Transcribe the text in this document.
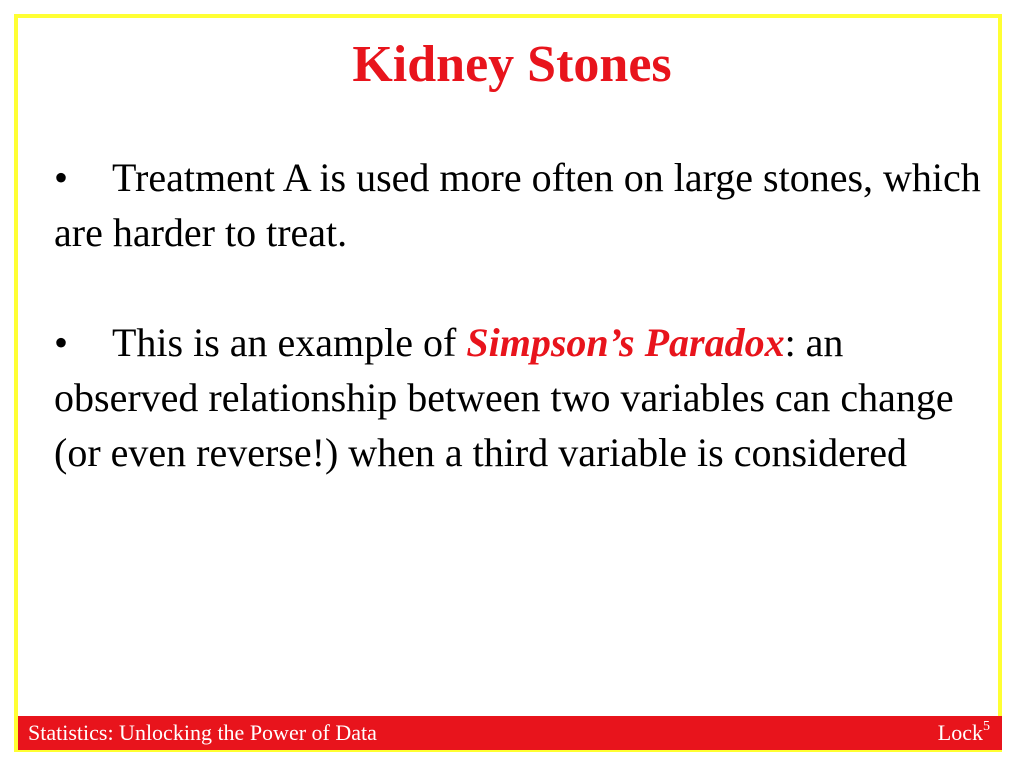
Kidney Stones

• Treatment A is used more often on large stones, which are harder to treat.

• This is an example of Simpson’s Paradox: an observed relationship between two variables can change (or even reverse!) when a third variable is considered

Statistics: Unlocking the Power of Data	Lock$^5$
